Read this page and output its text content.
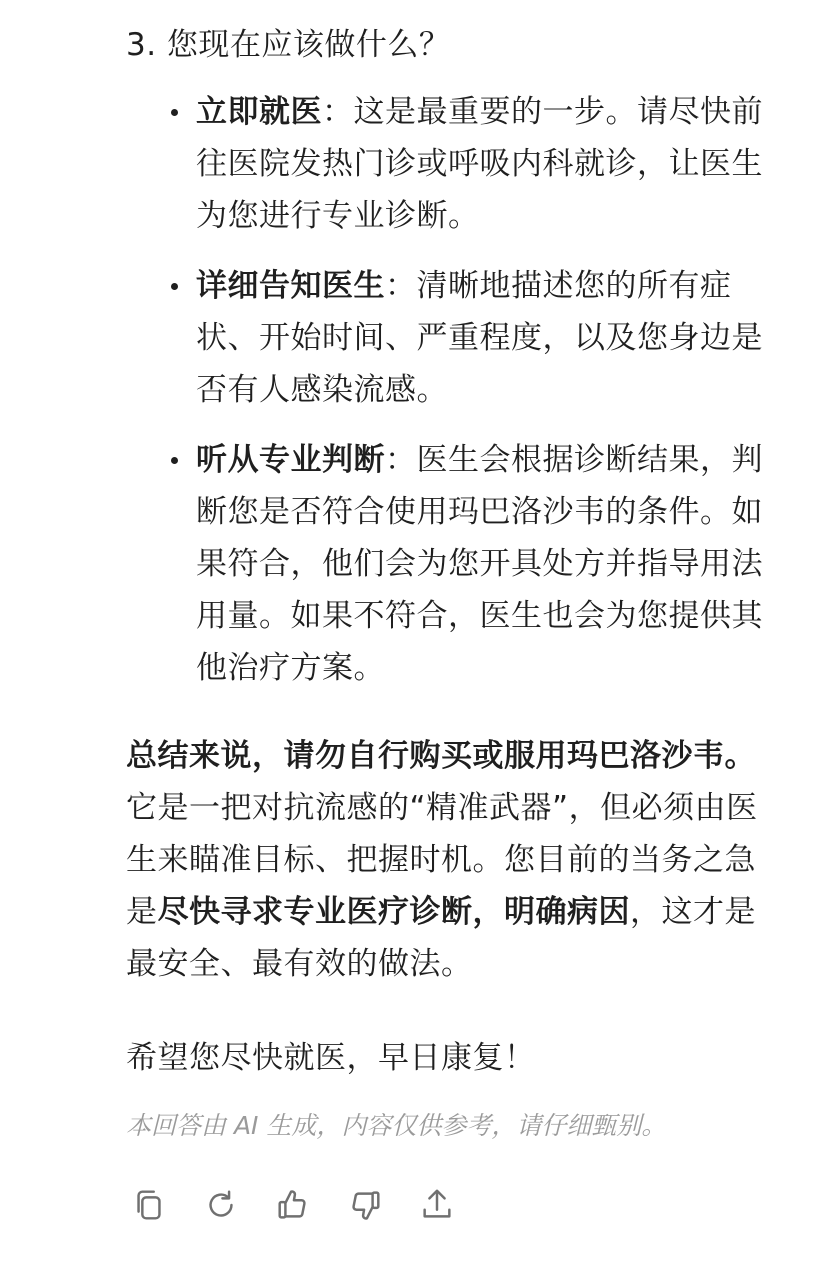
3. 您现在应该做什么？
立即就医：这是最重要的一步。请尽快前往医院发热门诊或呼吸内科就诊，让医生为您进行专业诊断。
详细告知医生：清晰地描述您的所有症状、开始时间、严重程度，以及您身边是否有人感染流感。
听从专业判断：医生会根据诊断结果，判断您是否符合使用玛巴洛沙韦的条件。如果符合，他们会为您开具处方并指导用法用量。如果不符合，医生也会为您提供其他治疗方案。
总结来说，请勿自行购买或服用玛巴洛沙韦。 它是一把对抗流感的“精准武器”，但必须由医生来瞄准目标、把握时机。您目前的当务之急是尽快寻求专业医疗诊断，明确病因，这才是最安全、最有效的做法。
希望您尽快就医，早日康复！
本回答由 AI 生成，内容仅供参考，请仔细甄别。
